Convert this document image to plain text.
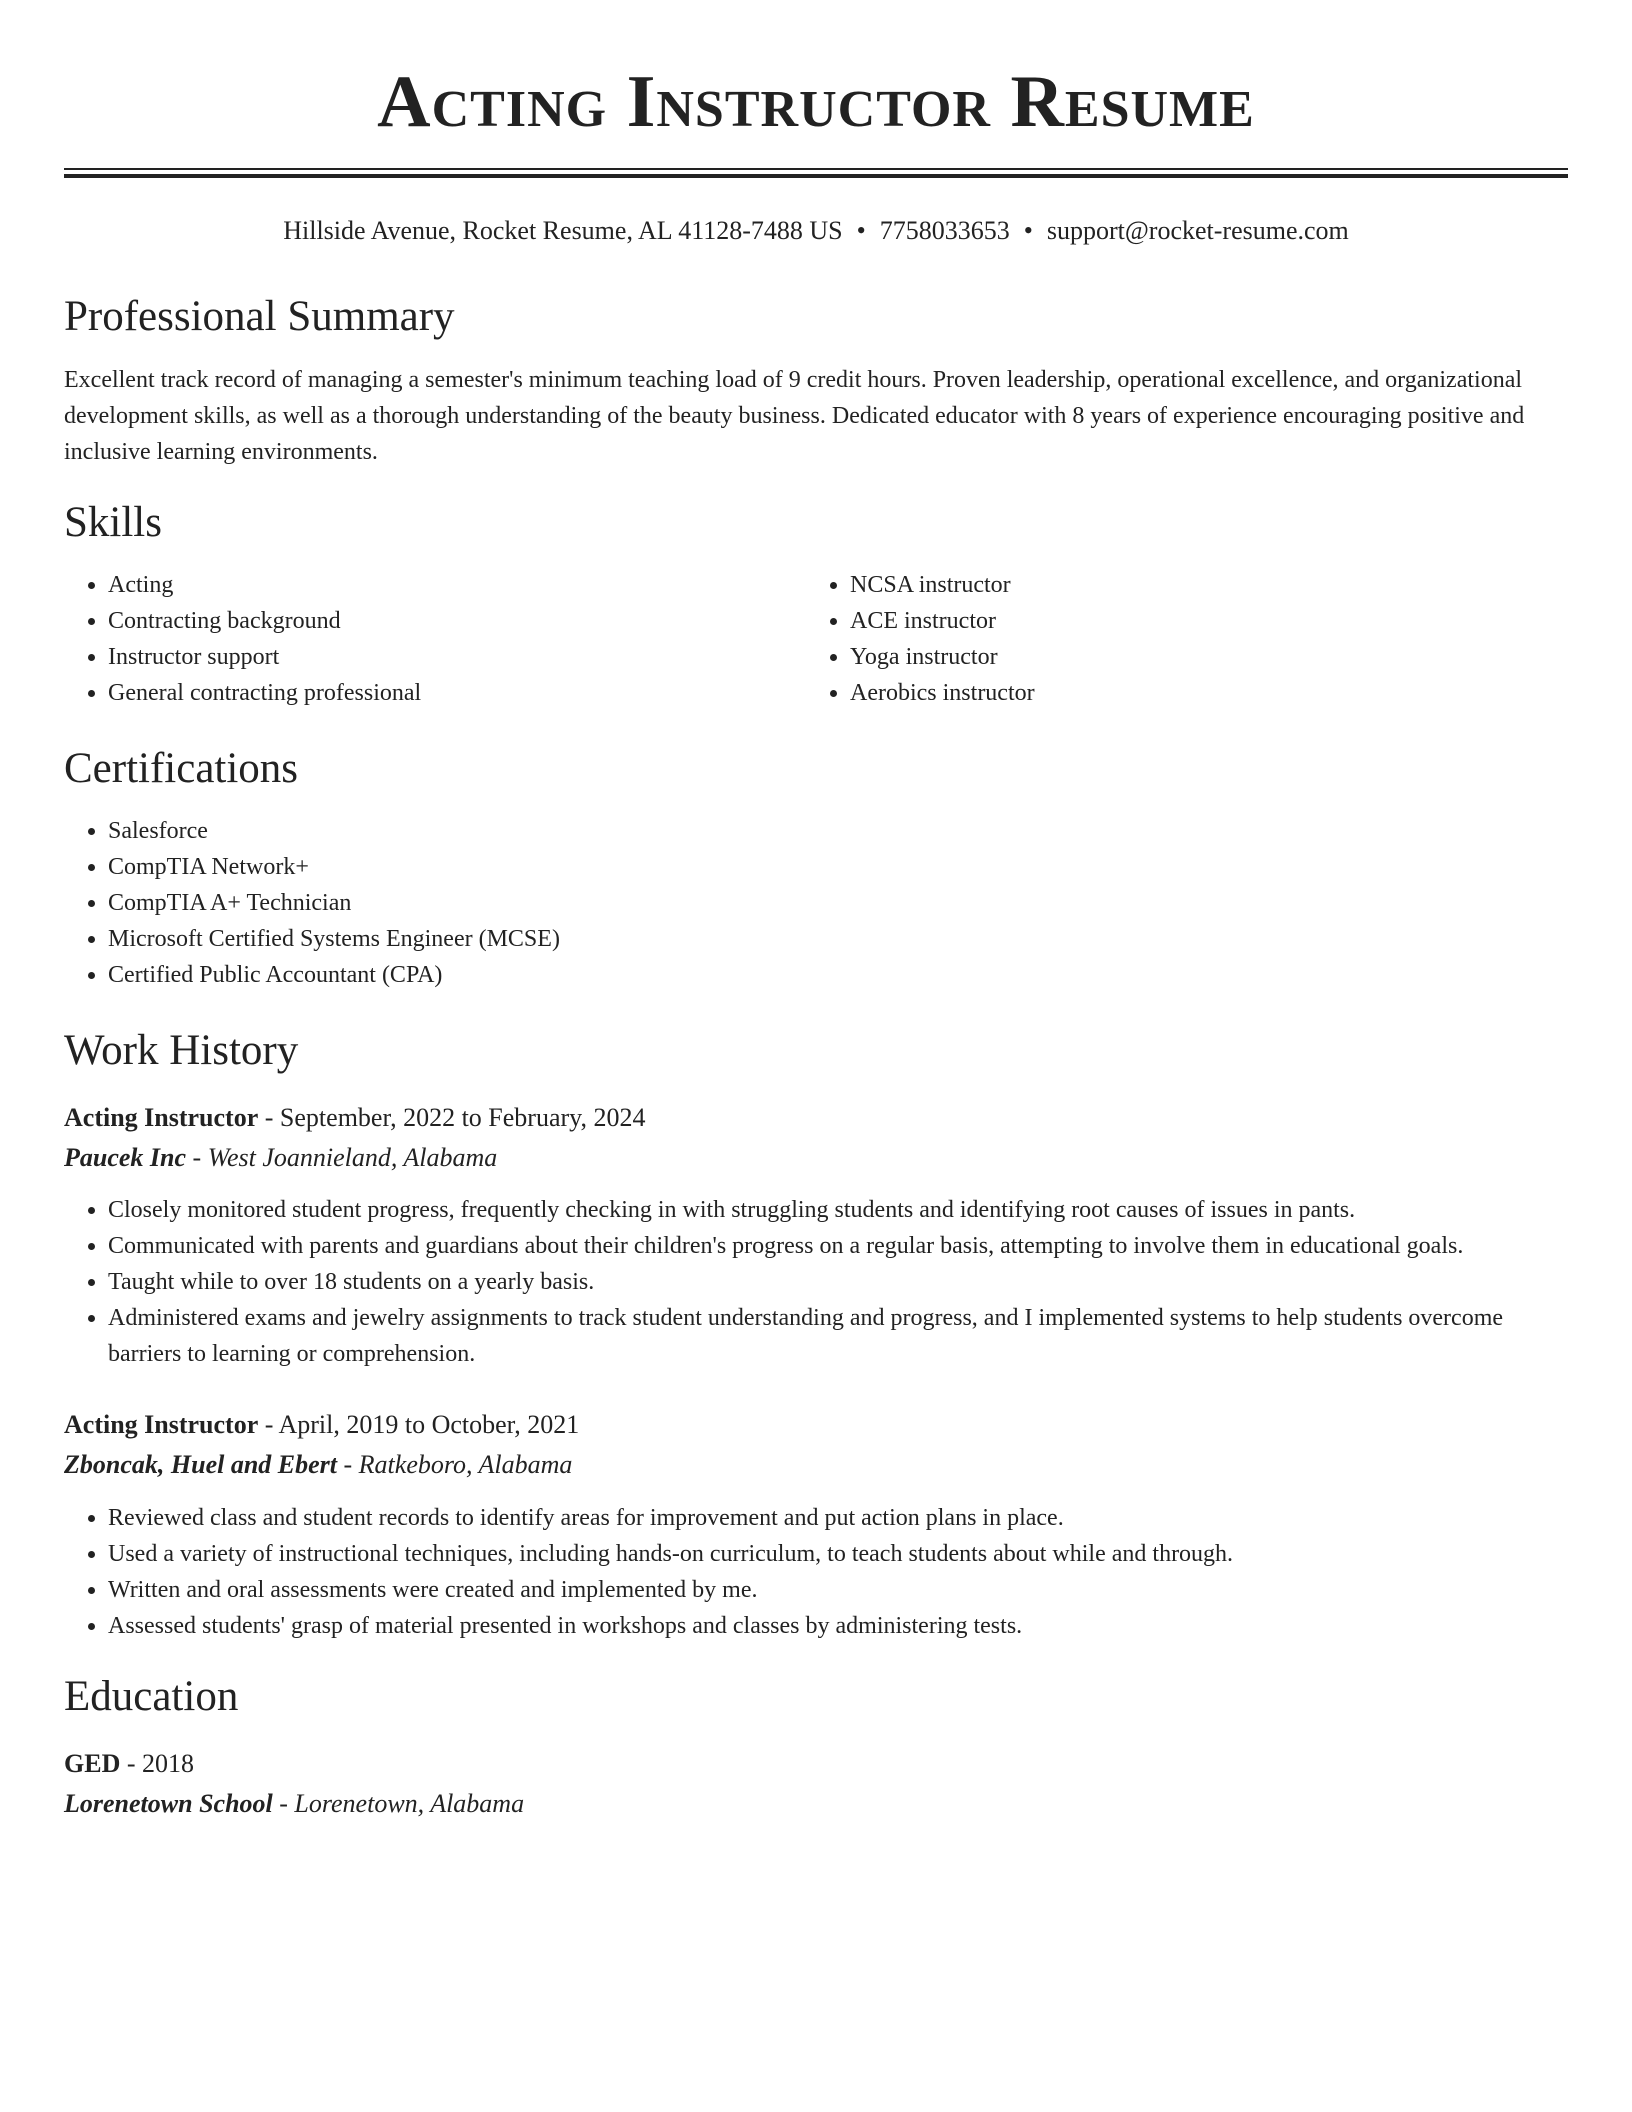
Acting Instructor Resume
Hillside Avenue, Rocket Resume, AL 41128-7488 US • 7758033653 • support@rocket-resume.com
Professional Summary

Excellent track record of managing a semester's minimum teaching load of 9 credit hours. Proven leadership, operational excellence, and organizational development skills, as well as a thorough understanding of the beauty business. Dedicated educator with 8 years of experience encouraging positive and inclusive learning environments.

Skills
• Acting
• Contracting background
• Instructor support
• General contracting professional
• NCSA instructor
• ACE instructor
• Yoga instructor
• Aerobics instructor
Certifications
• Salesforce
• CompTIA Network+
• CompTIA A+ Technician
• Microsoft Certified Systems Engineer (MCSE)
• Certified Public Accountant (CPA)
Work History
Acting Instructor - September, 2022 to February, 2024
Paucek Inc - West Joannieland, Alabama
• Closely monitored student progress, frequently checking in with struggling students and identifying root causes of issues in pants.
• Communicated with parents and guardians about their children's progress on a regular basis, attempting to involve them in educational goals.
• Taught while to over 18 students on a yearly basis.
• Administered exams and jewelry assignments to track student understanding and progress, and I implemented systems to help students overcome barriers to learning or comprehension.
Acting Instructor - April, 2019 to October, 2021
Zboncak, Huel and Ebert - Ratkeboro, Alabama
• Reviewed class and student records to identify areas for improvement and put action plans in place.
• Used a variety of instructional techniques, including hands-on curriculum, to teach students about while and through.
• Written and oral assessments were created and implemented by me.
• Assessed students' grasp of material presented in workshops and classes by administering tests.
Education
GED - 2018
Lorenetown School - Lorenetown, Alabama
